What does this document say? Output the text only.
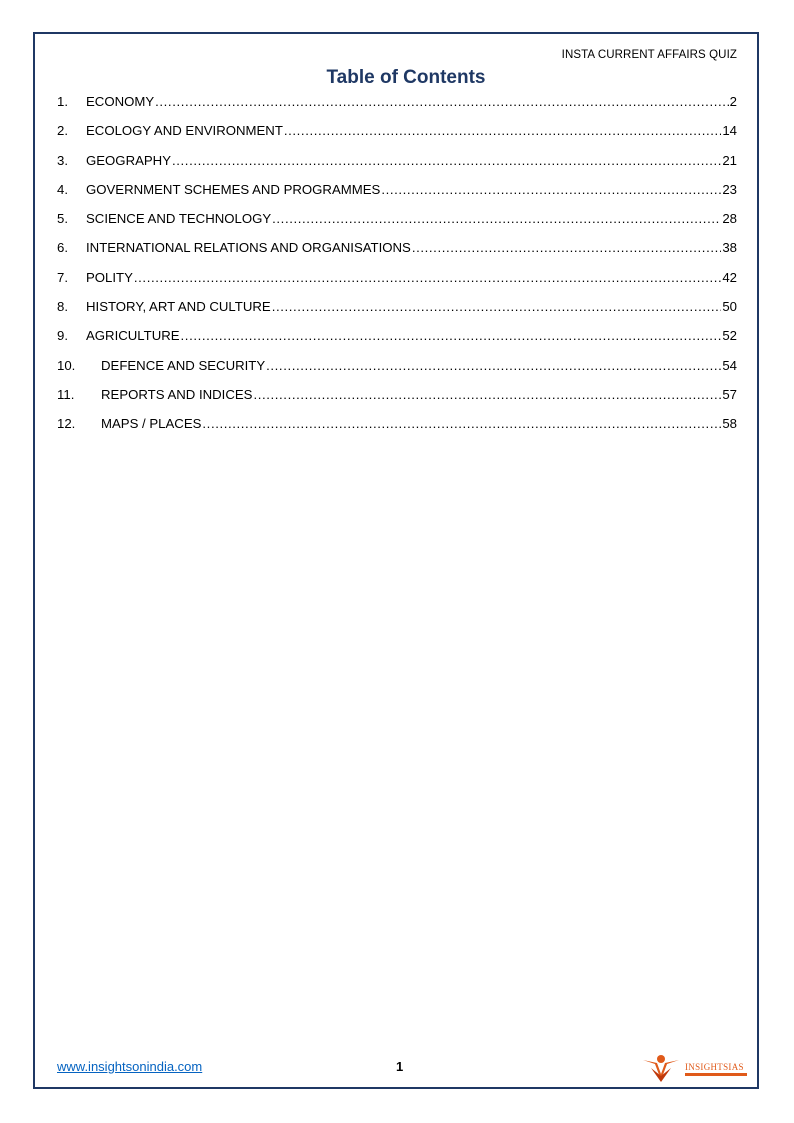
INSTA CURRENT AFFAIRS QUIZ
Table of Contents
1.	ECONOMY .....	2
2.	ECOLOGY AND ENVIRONMENT .....	14
3.	GEOGRAPHY .....	21
4.	GOVERNMENT SCHEMES AND PROGRAMMES .....	23
5.	SCIENCE AND TECHNOLOGY .....	28
6.	INTERNATIONAL RELATIONS AND ORGANISATIONS .....	38
7.	POLITY .....	42
8.	HISTORY, ART AND CULTURE .....	50
9.	AGRICULTURE .....	52
10.	DEFENCE AND SECURITY .....	54
11.	REPORTS AND INDICES .....	57
12.	MAPS / PLACES .....	58
www.insightsonindia.com	1	INSIGHTSIAS
